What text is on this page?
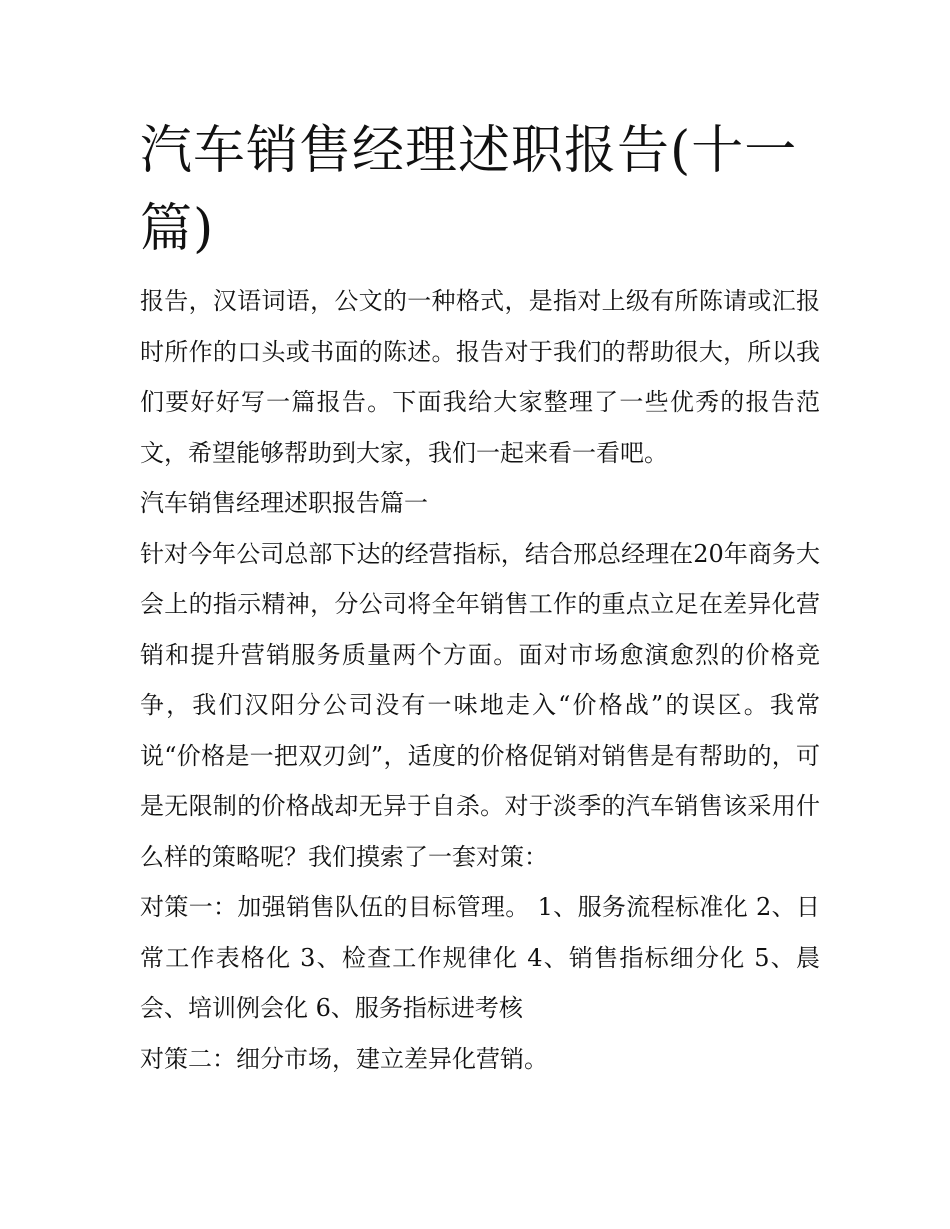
汽车销售经理述职报告(十一篇)

报告，汉语词语，公文的一种格式，是指对上级有所陈请或汇报时所作的口头或书面的陈述。报告对于我们的帮助很大，所以我们要好好写一篇报告。下面我给大家整理了一些优秀的报告范文，希望能够帮助到大家，我们一起来看一看吧。

汽车销售经理述职报告篇一

针对今年公司总部下达的经营指标，结合邢总经理在20年商务大会上的指示精神，分公司将全年销售工作的重点立足在差异化营销和提升营销服务质量两个方面。面对市场愈演愈烈的价格竞争，我们汉阳分公司没有一味地走入“价格战”的误区。我常说“价格是一把双刃剑”，适度的价格促销对销售是有帮助的，可是无限制的价格战却无异于自杀。对于淡季的汽车销售该采用什么样的策略呢？我们摸索了一套对策：

对策一：加强销售队伍的目标管理。 1、服务流程标准化 2、日常工作表格化 3、检查工作规律化 4、销售指标细分化 5、晨会、培训例会化 6、服务指标进考核

对策二：细分市场，建立差异化营销。
